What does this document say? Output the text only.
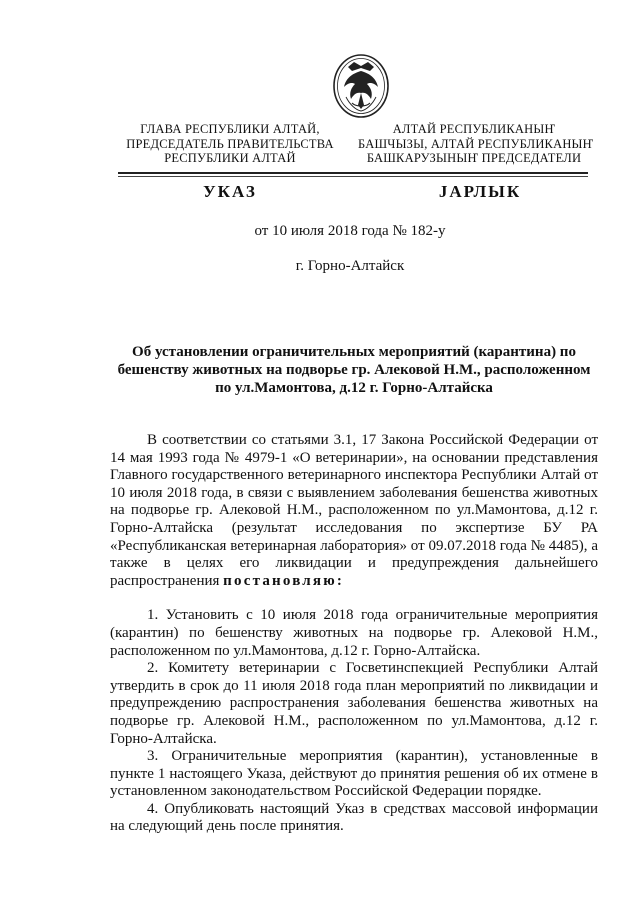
ГЛАВА РЕСПУБЛИКИ АЛТАЙ,
ПРЕДСЕДАТЕЛЬ ПРАВИТЕЛЬСТВА
РЕСПУБЛИКИ АЛТАЙ
АЛТАЙ РЕСПУБЛИКАНЫҤ
БАШЧЫЗЫ, АЛТАЙ РЕСПУБЛИКАНЫҤ
БАШКАРУЗЫНЫҤ ПРЕДСЕДАТЕЛИ
УКАЗ	ЈАРЛЫК
от 10 июля 2018 года № 182-у
г. Горно-Алтайск
Об установлении ограничительных мероприятий (карантина) по
бешенству животных на подворье гр. Алековой Н.М., расположенном
по ул.Мамонтова, д.12 г. Горно-Алтайска

В соответствии со статьями 3.1, 17 Закона Российской Федерации от 14 мая 1993 года № 4979-1 «О ветеринарии», на основании представления Главного государственного ветеринарного инспектора Республики Алтай от 10 июля 2018 года, в связи с выявлением заболевания бешенства животных на подворье гр. Алековой Н.М., расположенном по ул.Мамонтова, д.12 г. Горно-Алтайска (результат исследования по экспертизе БУ РА «Республиканская ветеринарная лаборатория» от 09.07.2018 года № 4485), а также в целях его ликвидации и предупреждения дальнейшего распространения постановляю:

1. Установить с 10 июля 2018 года ограничительные мероприятия (карантин) по бешенству животных на подворье гр. Алековой Н.М., расположенном по ул.Мамонтова, д.12 г. Горно-Алтайска.

2. Комитету ветеринарии с Госветинспекцией Республики Алтай утвердить в срок до 11 июля 2018 года план мероприятий по ликвидации и предупреждению распространения заболевания бешенства животных на подворье гр. Алековой Н.М., расположенном по ул.Мамонтова, д.12 г. Горно-Алтайска.

3. Ограничительные мероприятия (карантин), установленные в пункте 1 настоящего Указа, действуют до принятия решения об их отмене в установленном законодательством Российской Федерации порядке.

4. Опубликовать настоящий Указ в средствах массовой информации на следующий день после принятия.
